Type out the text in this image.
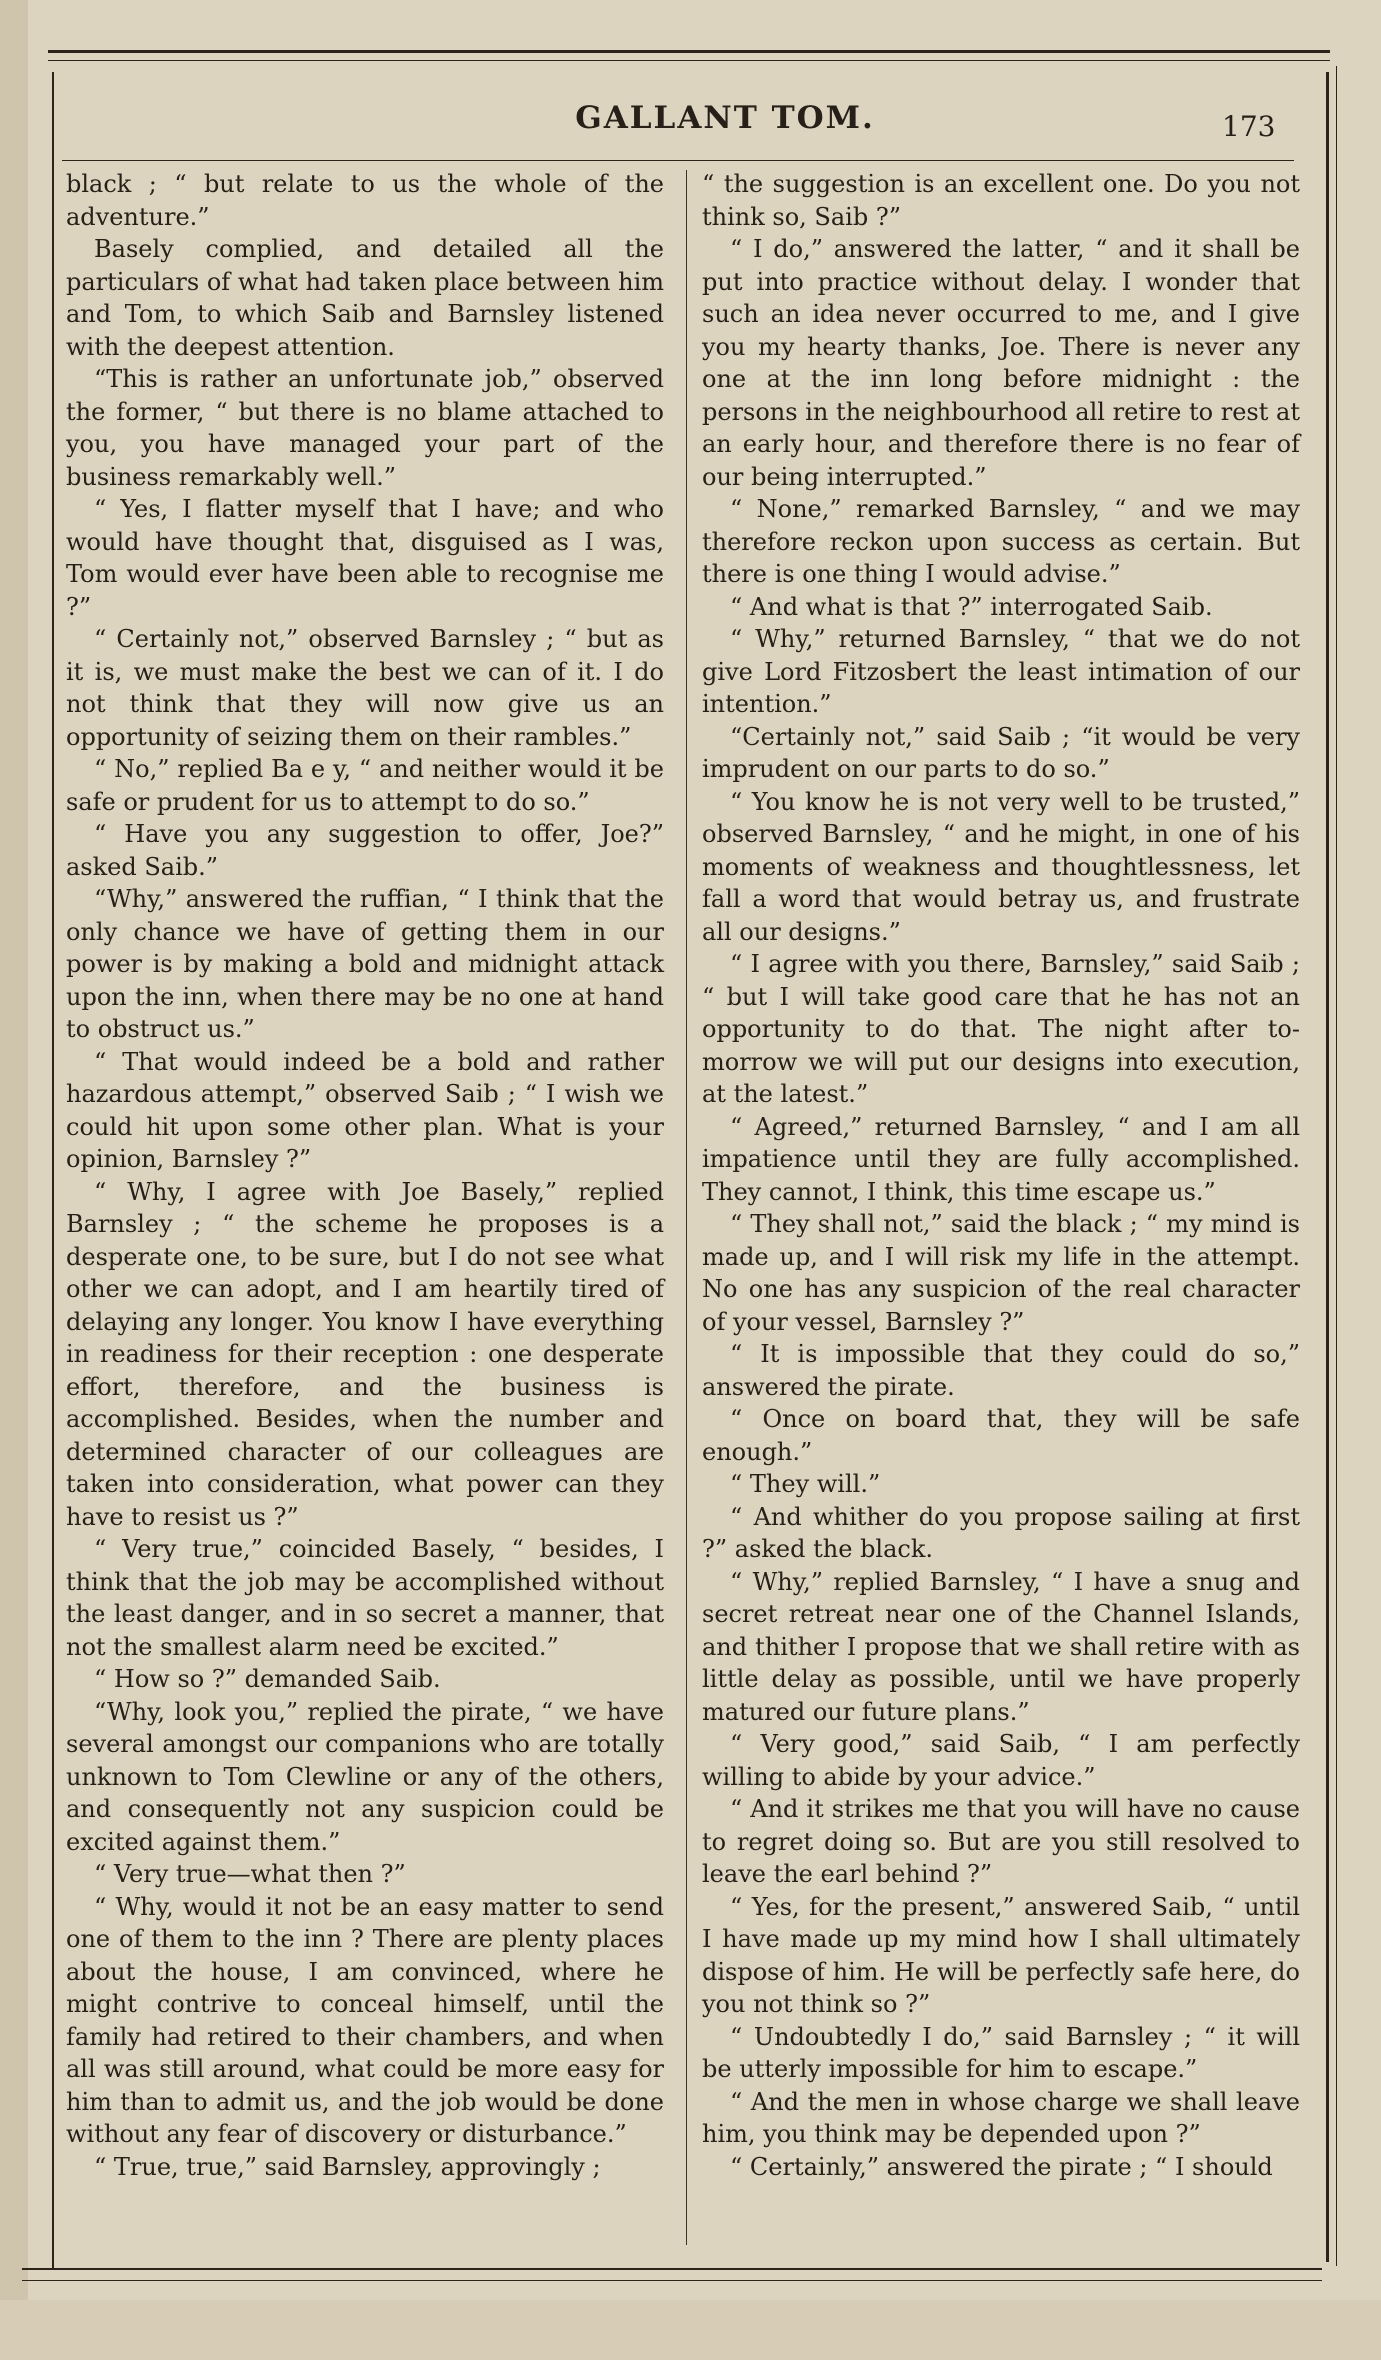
GALLANT TOM.	173

black ; “ but relate to us the whole of the adventure.”

Basely complied, and detailed all the particulars of what had taken place between him and Tom, to which Saib and Barnsley listened with the deepest attention.

“This is rather an unfortunate job,” observed the former, “ but there is no blame attached to you, you have managed your part of the business remarkably well.”

“ Yes, I flatter myself that I have; and who would have thought that, disguised as I was, Tom would ever have been able to recognise me ?”

“ Certainly not,” observed Barnsley ; “ but as it is, we must make the best we can of it. I do not think that they will now give us an opportunity of seizing them on their rambles.”

“ No,” replied Ba e y, “ and neither would it be safe or prudent for us to attempt to do so.”

“ Have you any suggestion to offer, Joe?” asked Saib.”

“Why,” answered the ruffian, “ I think that the only chance we have of getting them in our power is by making a bold and midnight attack upon the inn, when there may be no one at hand to obstruct us.”

“ That would indeed be a bold and rather hazardous attempt,” observed Saib ; “ I wish we could hit upon some other plan. What is your opinion, Barnsley ?”

“ Why, I agree with Joe Basely,” replied Barnsley ; “ the scheme he proposes is a desperate one, to be sure, but I do not see what other we can adopt, and I am heartily tired of delaying any longer. You know I have everything in readiness for their reception : one desperate effort, therefore, and the business is accomplished. Besides, when the number and determined character of our colleagues are taken into consideration, what power can they have to resist us ?”

“ Very true,” coincided Basely, “ besides, I think that the job may be accomplished without the least danger, and in so secret a manner, that not the smallest alarm need be excited.”

“ How so ?” demanded Saib.

“Why, look you,” replied the pirate, “ we have several amongst our companions who are totally unknown to Tom Clewline or any of the others, and consequently not any suspicion could be excited against them.”

“ Very true—what then ?”

“ Why, would it not be an easy matter to send one of them to the inn ? There are plenty places about the house, I am convinced, where he might contrive to conceal himself, until the family had retired to their chambers, and when all was still around, what could be more easy for him than to admit us, and the job would be done without any fear of discovery or disturbance.”

“ True, true,” said Barnsley, approvingly ;

“ the suggestion is an excellent one. Do you not think so, Saib ?”

“ I do,” answered the latter, “ and it shall be put into practice without delay. I wonder that such an idea never occurred to me, and I give you my hearty thanks, Joe. There is never any one at the inn long before midnight : the persons in the neighbourhood all retire to rest at an early hour, and therefore there is no fear of our being interrupted.”

“ None,” remarked Barnsley, “ and we may therefore reckon upon success as certain. But there is one thing I would advise.”

“ And what is that ?” interrogated Saib.

“ Why,” returned Barnsley, “ that we do not give Lord Fitzosbert the least intimation of our intention.”

“Certainly not,” said Saib ; “it would be very imprudent on our parts to do so.”

“ You know he is not very well to be trusted,” observed Barnsley, “ and he might, in one of his moments of weakness and thoughtlessness, let fall a word that would betray us, and frustrate all our designs.”

“ I agree with you there, Barnsley,” said Saib ; “ but I will take good care that he has not an opportunity to do that. The night after to-morrow we will put our designs into execution, at the latest.”

“ Agreed,” returned Barnsley, “ and I am all impatience until they are fully accomplished. They cannot, I think, this time escape us.”

“ They shall not,” said the black ; “ my mind is made up, and I will risk my life in the attempt. No one has any suspicion of the real character of your vessel, Barnsley ?”

“ It is impossible that they could do so,” answered the pirate.

“ Once on board that, they will be safe enough.”

“ They will.”

“ And whither do you propose sailing at first ?” asked the black.

“ Why,” replied Barnsley, “ I have a snug and secret retreat near one of the Channel Islands, and thither I propose that we shall retire with as little delay as possible, until we have properly matured our future plans.”

“ Very good,” said Saib, “ I am perfectly willing to abide by your advice.”

“ And it strikes me that you will have no cause to regret doing so. But are you still resolved to leave the earl behind ?”

“ Yes, for the present,” answered Saib, “ until I have made up my mind how I shall ultimately dispose of him. He will be perfectly safe here, do you not think so ?”

“ Undoubtedly I do,” said Barnsley ; “ it will be utterly impossible for him to escape.”

“ And the men in whose charge we shall leave him, you think may be depended upon ?”

“ Certainly,” answered the pirate ; “ I should
